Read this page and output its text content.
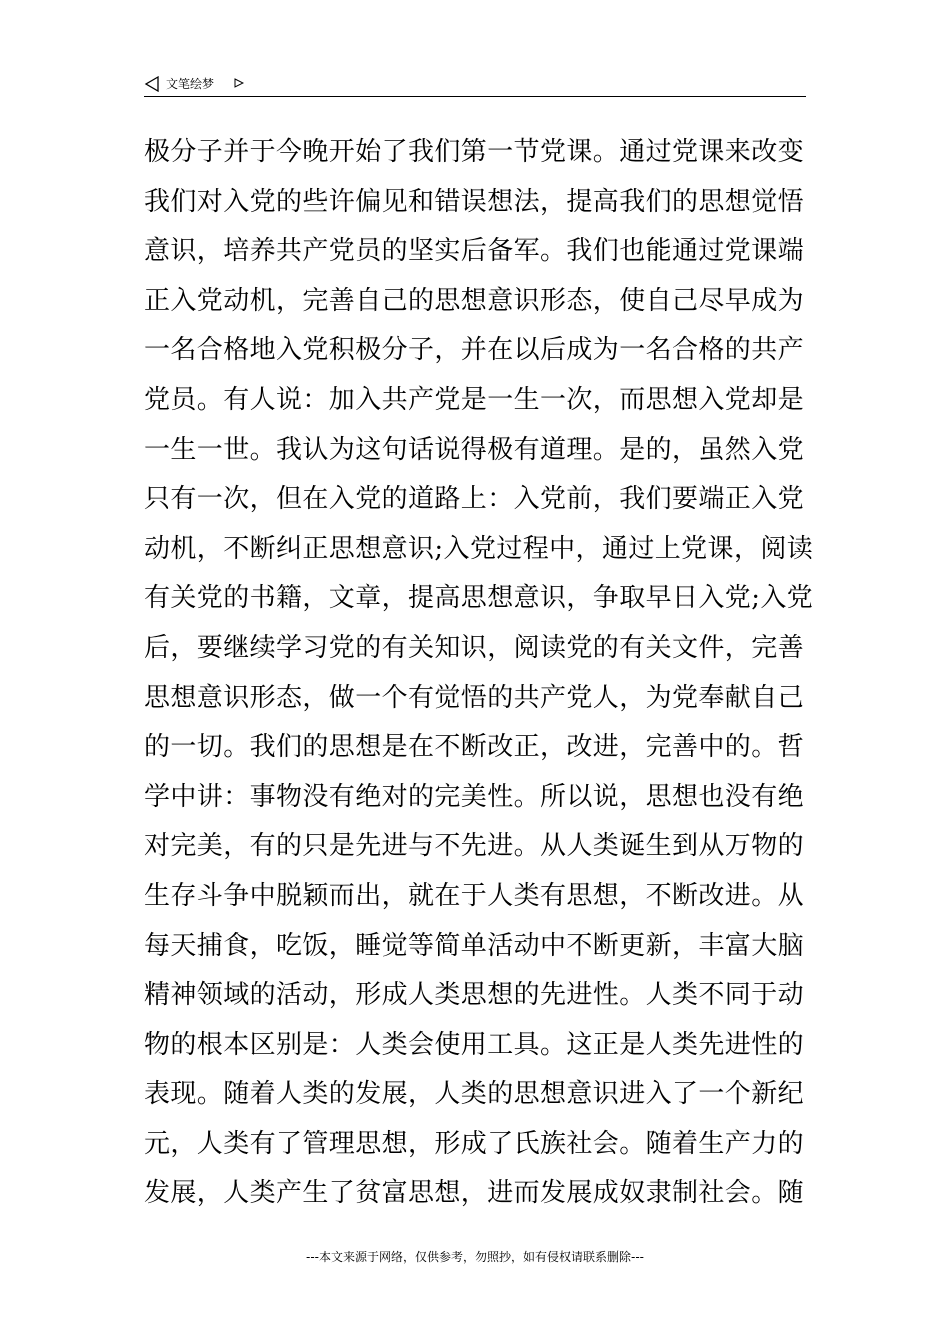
文笔绘梦
极分子并于今晚开始了我们第一节党课。通过党课来改变
我们对入党的些许偏见和错误想法，提高我们的思想觉悟
意识，培养共产党员的坚实后备军。我们也能通过党课端
正入党动机，完善自己的思想意识形态，使自己尽早成为
一名合格地入党积极分子，并在以后成为一名合格的共产
党员。有人说：加入共产党是一生一次，而思想入党却是
一生一世。我认为这句话说得极有道理。是的，虽然入党
只有一次，但在入党的道路上：入党前，我们要端正入党
动机，不断纠正思想意识;入党过程中，通过上党课，阅读
有关党的书籍，文章，提高思想意识，争取早日入党;入党
后，要继续学习党的有关知识，阅读党的有关文件，完善
思想意识形态，做一个有觉悟的共产党人，为党奉献自己
的一切。我们的思想是在不断改正，改进，完善中的。哲
学中讲：事物没有绝对的完美性。所以说，思想也没有绝
对完美，有的只是先进与不先进。从人类诞生到从万物的
生存斗争中脱颖而出，就在于人类有思想，不断改进。从
每天捕食，吃饭，睡觉等简单活动中不断更新，丰富大脑
精神领域的活动，形成人类思想的先进性。人类不同于动
物的根本区别是：人类会使用工具。这正是人类先进性的
表现。随着人类的发展，人类的思想意识进入了一个新纪
元，人类有了管理思想，形成了氏族社会。随着生产力的
发展，人类产生了贫富思想，进而发展成奴隶制社会。随
---本文来源于网络，仅供参考，勿照抄，如有侵权请联系删除---
